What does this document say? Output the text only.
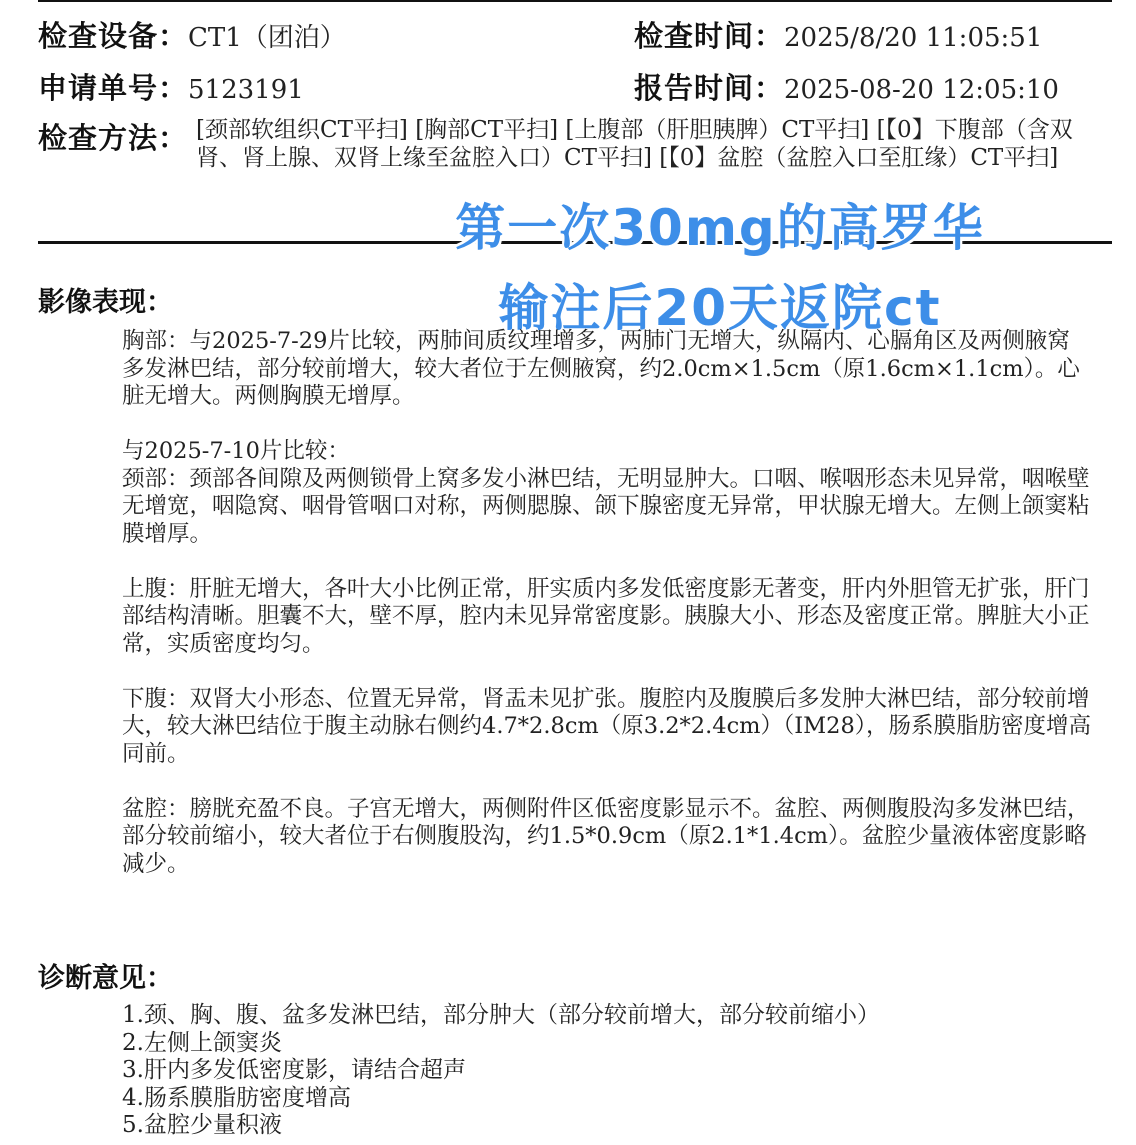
检查设备：CT1（团泊）	检查时间：2025/8/20 11:05:51
申请单号：5123191	报告时间：2025-08-20 12:05:10
检查方法： [颈部软组织CT平扫] [胸部CT平扫] [上腹部（肝胆胰脾）CT平扫] [【0】下腹部（含双肾、肾上腺、双肾上缘至盆腔入口）CT平扫] [【0】盆腔（盆腔入口至肛缘）CT平扫]
第一次30mg的高罗华
输注后20天返院ct
影像表现：

胸部：与2025-7-29片比较，两肺间质纹理增多，两肺门无增大，纵隔内、心膈角区及两侧腋窝多发淋巴结，部分较前增大，较大者位于左侧腋窝，约2.0cm×1.5cm（原1.6cm×1.1cm）。心脏无增大。两侧胸膜无增厚。

与2025-7-10片比较：
颈部：颈部各间隙及两侧锁骨上窝多发小淋巴结，无明显肿大。口咽、喉咽形态未见异常，咽喉壁无增宽，咽隐窝、咽骨管咽口对称，两侧腮腺、颌下腺密度无异常，甲状腺无增大。左侧上颌窦粘膜增厚。

上腹：肝脏无增大，各叶大小比例正常，肝实质内多发低密度影无著变，肝内外胆管无扩张，肝门部结构清晰。胆囊不大，壁不厚，腔内未见异常密度影。胰腺大小、形态及密度正常。脾脏大小正常，实质密度均匀。

下腹：双肾大小形态、位置无异常，肾盂未见扩张。腹腔内及腹膜后多发肿大淋巴结，部分较前增大，较大淋巴结位于腹主动脉右侧约4.7*2.8cm（原3.2*2.4cm）（IM28），肠系膜脂肪密度增高同前。

盆腔：膀胱充盈不良。子宫无增大，两侧附件区低密度影显示不。盆腔、两侧腹股沟多发淋巴结，部分较前缩小，较大者位于右侧腹股沟，约1.5*0.9cm（原2.1*1.4cm）。盆腔少量液体密度影略减少。

诊断意见：
1.颈、胸、腹、盆多发淋巴结，部分肿大（部分较前增大，部分较前缩小）
2.左侧上颌窦炎
3.肝内多发低密度影，请结合超声
4.肠系膜脂肪密度增高
5.盆腔少量积液
